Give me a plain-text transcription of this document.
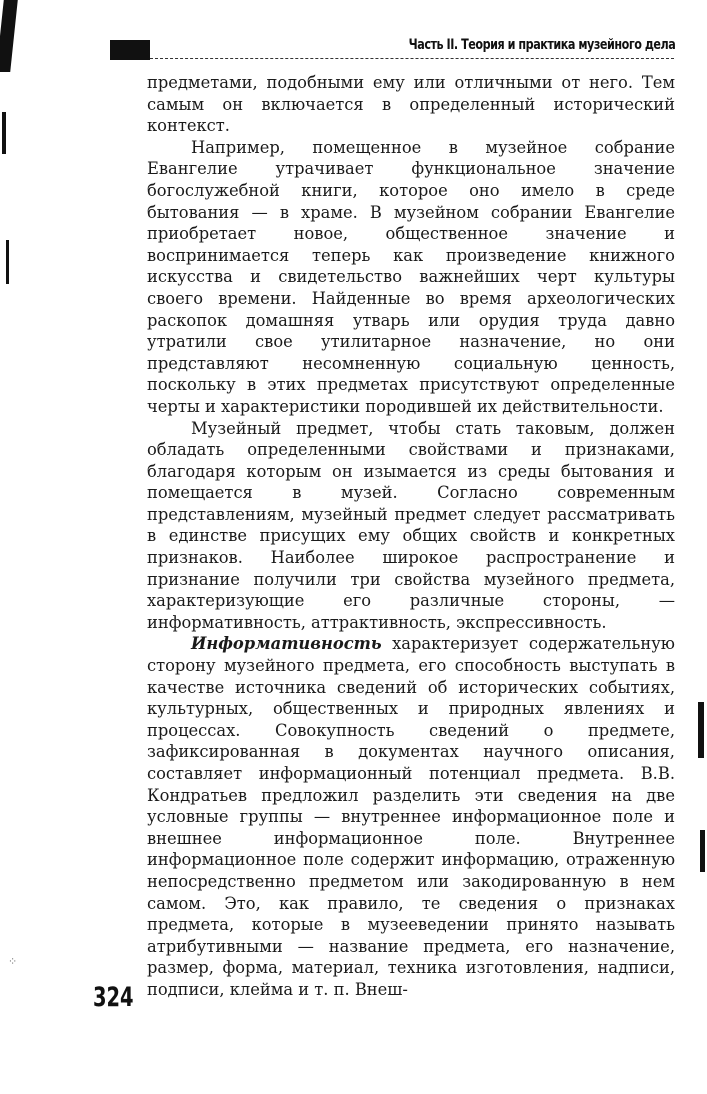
⁘
Часть II. Теория и практика музейного дела

предметами, подобными ему или отличными от него. Тем самым он включается в определенный исторический контекст.

Например, помещенное в музейное собрание Евангелие утрачивает функциональное значение богослужебной книги, которое оно имело в среде бытования — в храме. В музейном собрании Евангелие приобретает новое, общественное значение и воспринимается теперь как произведение книжного искусства и свидетельство важнейших черт культуры своего времени. Найденные во время археологических раскопок домашняя утварь или орудия труда давно утратили свое утилитарное назначение, но они представляют несомненную социальную ценность, поскольку в этих предметах присутствуют определенные черты и характеристики породившей их действительности.

Музейный предмет, чтобы стать таковым, должен обладать определенными свойствами и признаками, благодаря которым он изымается из среды бытования и помещается в музей. Согласно современным представлениям, музейный предмет следует рассматривать в единстве присущих ему общих свойств и конкретных признаков. Наиболее широкое распространение и признание получили три свойства музейного предмета, характеризующие его различные стороны, — информативность, аттрактивность, экспрессивность.

Информативность характеризует содержательную сторону музейного предмета, его способность выступать в качестве источника сведений об исторических событиях, культурных, общественных и природных явлениях и процессах. Совокупность сведений о предмете, зафиксированная в документах научного описания, составляет информационный потенциал предмета. В.В. Кондратьев предложил разделить эти сведения на две условные группы — внутреннее информационное поле и внешнее информационное поле. Внутреннее информационное поле содержит информацию, отраженную непосредственно предметом или закодированную в нем самом. Это, как правило, те сведения о признаках предмета, которые в музееведении принято называть атрибутивными — название предмета, его назначение, размер, форма, материал, техника изготовления, надписи, подписи, клейма и т. п. Внеш-

324
